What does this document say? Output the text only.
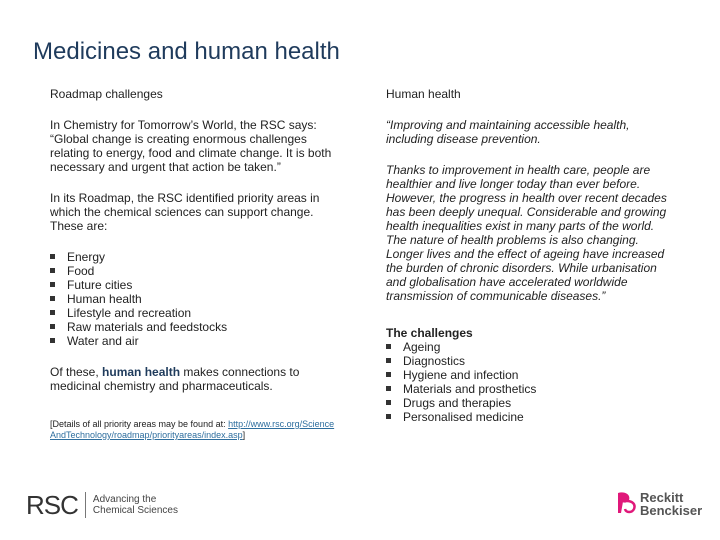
Medicines and human health

Roadmap challenges

In Chemistry for Tomorrow’s World, the RSC says: “Global change is creating enormous challenges relating to energy, food and climate change. It is both necessary and urgent that action be taken.”

In its Roadmap, the RSC identified priority areas in which the chemical sciences can support change. These are:

Energy
Food
Future cities
Human health
Lifestyle and recreation
Raw materials and feedstocks
Water and air

Of these, human health makes connections to medicinal chemistry and pharmaceuticals.

[Details of all priority areas may be found at: http://www.rsc.org/ScienceAndTechnology/roadmap/priorityareas/index.asp]

Human health

“Improving and maintaining accessible health, including disease prevention.

Thanks to improvement in health care, people are healthier and live longer today than ever before. However, the progress in health over recent decades has been deeply unequal. Considerable and growing health inequalities exist in many parts of the world. The nature of health problems is also changing. Longer lives and the effect of ageing have increased the burden of chronic disorders. While urbanisation and globalisation have accelerated worldwide transmission of communicable diseases.”

The challenges

Ageing
Diagnostics
Hygiene and infection
Materials and prosthetics
Drugs and therapies
Personalised medicine
RSC	Advancing the
Chemical Sciences
Reckitt
Benckiser
